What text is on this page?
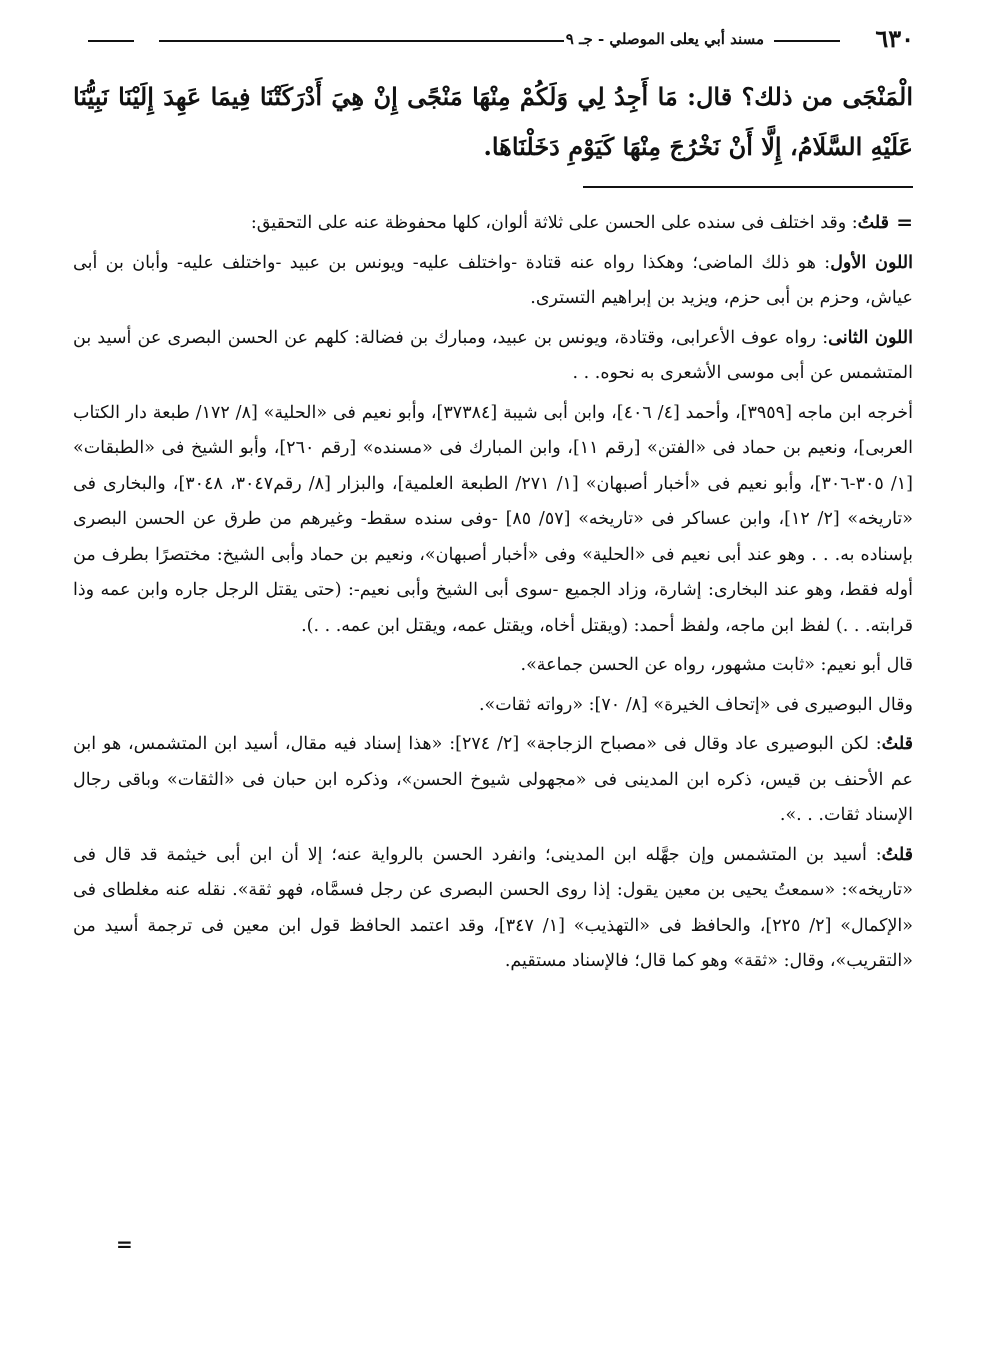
٦٣٠
مسند أبي يعلى الموصلي - جـ ٩
الْمَنْجَى من ذلك؟ قال: مَا أَجِدُ لِي وَلَكُمْ مِنْهَا مَنْجًى إِنْ هِيَ أَدْرَكَتْنَا فِيمَا عَهِدَ إِلَيْنَا نَبِيُّنَا عَلَيْهِ السَّلَامُ، إِلَّا أَنْ نَخْرُجَ مِنْهَا كَيَوْمِ دَخَلْنَاهَا.
=

قلتُ: وقد اختلف فى سنده على الحسن على ثلاثة ألوان، كلها محفوظة عنه على التحقيق:

اللون الأول: هو ذلك الماضى؛ وهكذا رواه عنه قتادة -واختلف عليه- ويونس بن عبيد -واختلف عليه- وأبان بن أبى عياش، وحزم بن أبى حزم، ويزيد بن إبراهيم التسترى.

اللون الثانى: رواه عوف الأعرابى، وقتادة، ويونس بن عبيد، ومبارك بن فضالة: كلهم عن الحسن البصرى عن أسيد بن المتشمس عن أبى موسى الأشعرى به نحوه. . .

أخرجه ابن ماجه [٣٩٥٩]، وأحمد [٤/ ٤٠٦]، وابن أبى شيبة [٣٧٣٨٤]، وأبو نعيم فى «الحلية» [٨/ ١٧٢/ طبعة دار الكتاب العربى]، ونعيم بن حماد فى «الفتن» [رقم ١١]، وابن المبارك فى «مسنده» [رقم ٢٦٠]، وأبو الشيخ فى «الطبقات» [١/ ٣٠٥-٣٠٦]، وأبو نعيم فى «أخبار أصبهان» [١/ ٢٧١/ الطبعة العلمية]، والبزار [٨/ رقم٣٠٤٧، ٣٠٤٨]، والبخارى فى «تاريخه» [٢/ ١٢]، وابن عساكر فى «تاريخه» [٥٧/ ٨٥] -وفى سنده سقط- وغيرهم من طرق عن الحسن البصرى بإسناده به. . . وهو عند أبى نعيم فى «الحلية» وفى «أخبار أصبهان»، ونعيم بن حماد وأبى الشيخ: مختصرًا بطرف من أوله فقط، وهو عند البخارى: إشارة، وزاد الجميع -سوى أبى الشيخ وأبى نعيم-: (حتى يقتل الرجل جاره وابن عمه وذا قرابته. . .) لفظ ابن ماجه، ولفظ أحمد: (ويقتل أخاه، ويقتل عمه، ويقتل ابن عمه. . .).

قال أبو نعيم: «ثابت مشهور، رواه عن الحسن جماعة».

وقال البوصيرى فى «إتحاف الخيرة» [٨/ ٧٠]: «رواته ثقات».

قلتُ: لكن البوصيرى عاد وقال فى «مصباح الزجاجة» [٢/ ٢٧٤]: «هذا إسناد فيه مقال، أسيد ابن المتشمس، هو ابن عم الأحنف بن قيس، ذكره ابن المدينى فى «مجهولى شيوخ الحسن»، وذكره ابن حبان فى «الثقات» وباقى رجال الإسناد ثقات. . .».

قلتُ: أسيد بن المتشمس وإن جهَّله ابن المدينى؛ وانفرد الحسن بالرواية عنه؛ إلا أن ابن أبى خيثمة قد قال فى «تاريخه»: «سمعتُ يحيى بن معين يقول: إذا روى الحسن البصرى عن رجل فسمَّاه، فهو ثقة». نقله عنه مغلطاى فى «الإكمال» [٢/ ٢٢٥]، والحافظ فى «التهذيب» [١/ ٣٤٧]، وقد اعتمد الحافظ قول ابن معين فى ترجمة أسيد من «التقريب»، وقال: «ثقة» وهو كما قال؛ فالإسناد مستقيم.

=
